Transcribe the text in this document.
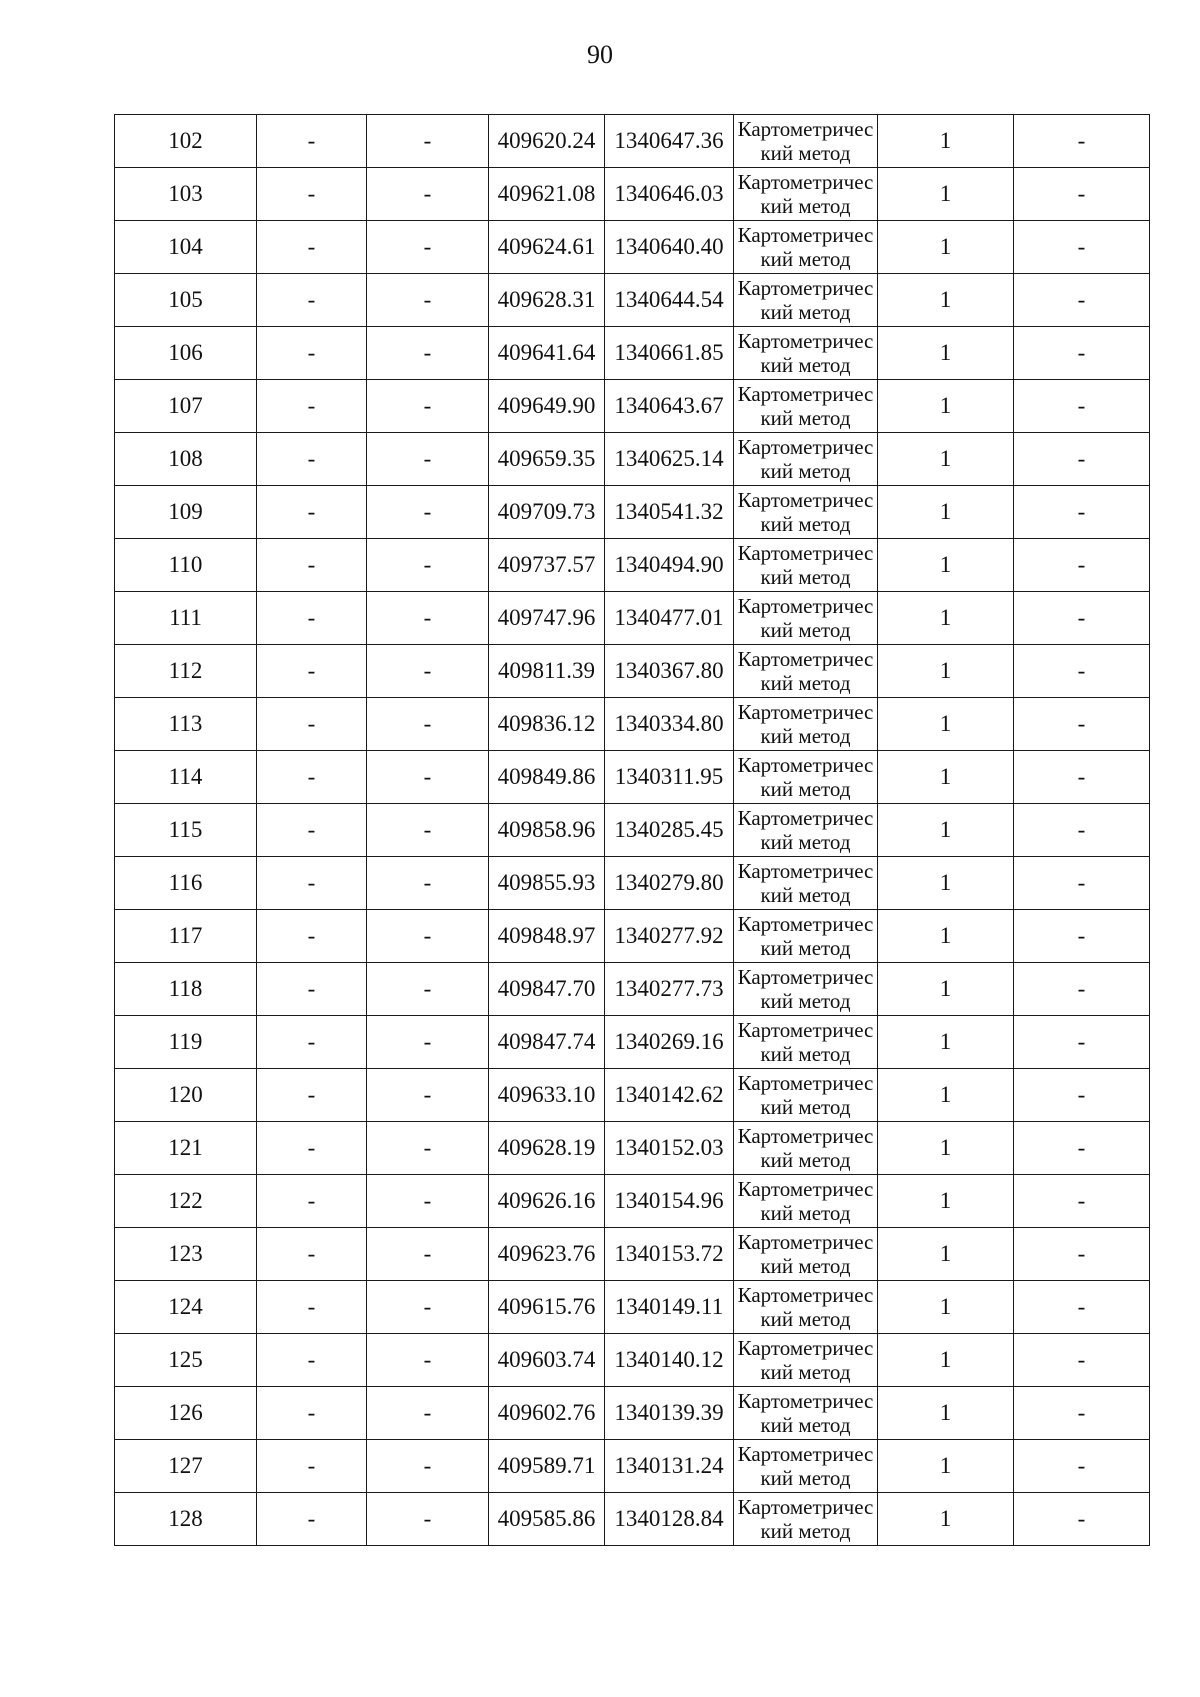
90
102	-	-	409620.24	1340647.36	Картометрический метод	1	-
103	-	-	409621.08	1340646.03	Картометрический метод	1	-
104	-	-	409624.61	1340640.40	Картометрический метод	1	-
105	-	-	409628.31	1340644.54	Картометрический метод	1	-
106	-	-	409641.64	1340661.85	Картометрический метод	1	-
107	-	-	409649.90	1340643.67	Картометрический метод	1	-
108	-	-	409659.35	1340625.14	Картометрический метод	1	-
109	-	-	409709.73	1340541.32	Картометрический метод	1	-
110	-	-	409737.57	1340494.90	Картометрический метод	1	-
111	-	-	409747.96	1340477.01	Картометрический метод	1	-
112	-	-	409811.39	1340367.80	Картометрический метод	1	-
113	-	-	409836.12	1340334.80	Картометрический метод	1	-
114	-	-	409849.86	1340311.95	Картометрический метод	1	-
115	-	-	409858.96	1340285.45	Картометрический метод	1	-
116	-	-	409855.93	1340279.80	Картометрический метод	1	-
117	-	-	409848.97	1340277.92	Картометрический метод	1	-
118	-	-	409847.70	1340277.73	Картометрический метод	1	-
119	-	-	409847.74	1340269.16	Картометрический метод	1	-
120	-	-	409633.10	1340142.62	Картометрический метод	1	-
121	-	-	409628.19	1340152.03	Картометрический метод	1	-
122	-	-	409626.16	1340154.96	Картометрический метод	1	-
123	-	-	409623.76	1340153.72	Картометрический метод	1	-
124	-	-	409615.76	1340149.11	Картометрический метод	1	-
125	-	-	409603.74	1340140.12	Картометрический метод	1	-
126	-	-	409602.76	1340139.39	Картометрический метод	1	-
127	-	-	409589.71	1340131.24	Картометрический метод	1	-
128	-	-	409585.86	1340128.84	Картометрический метод	1	-
